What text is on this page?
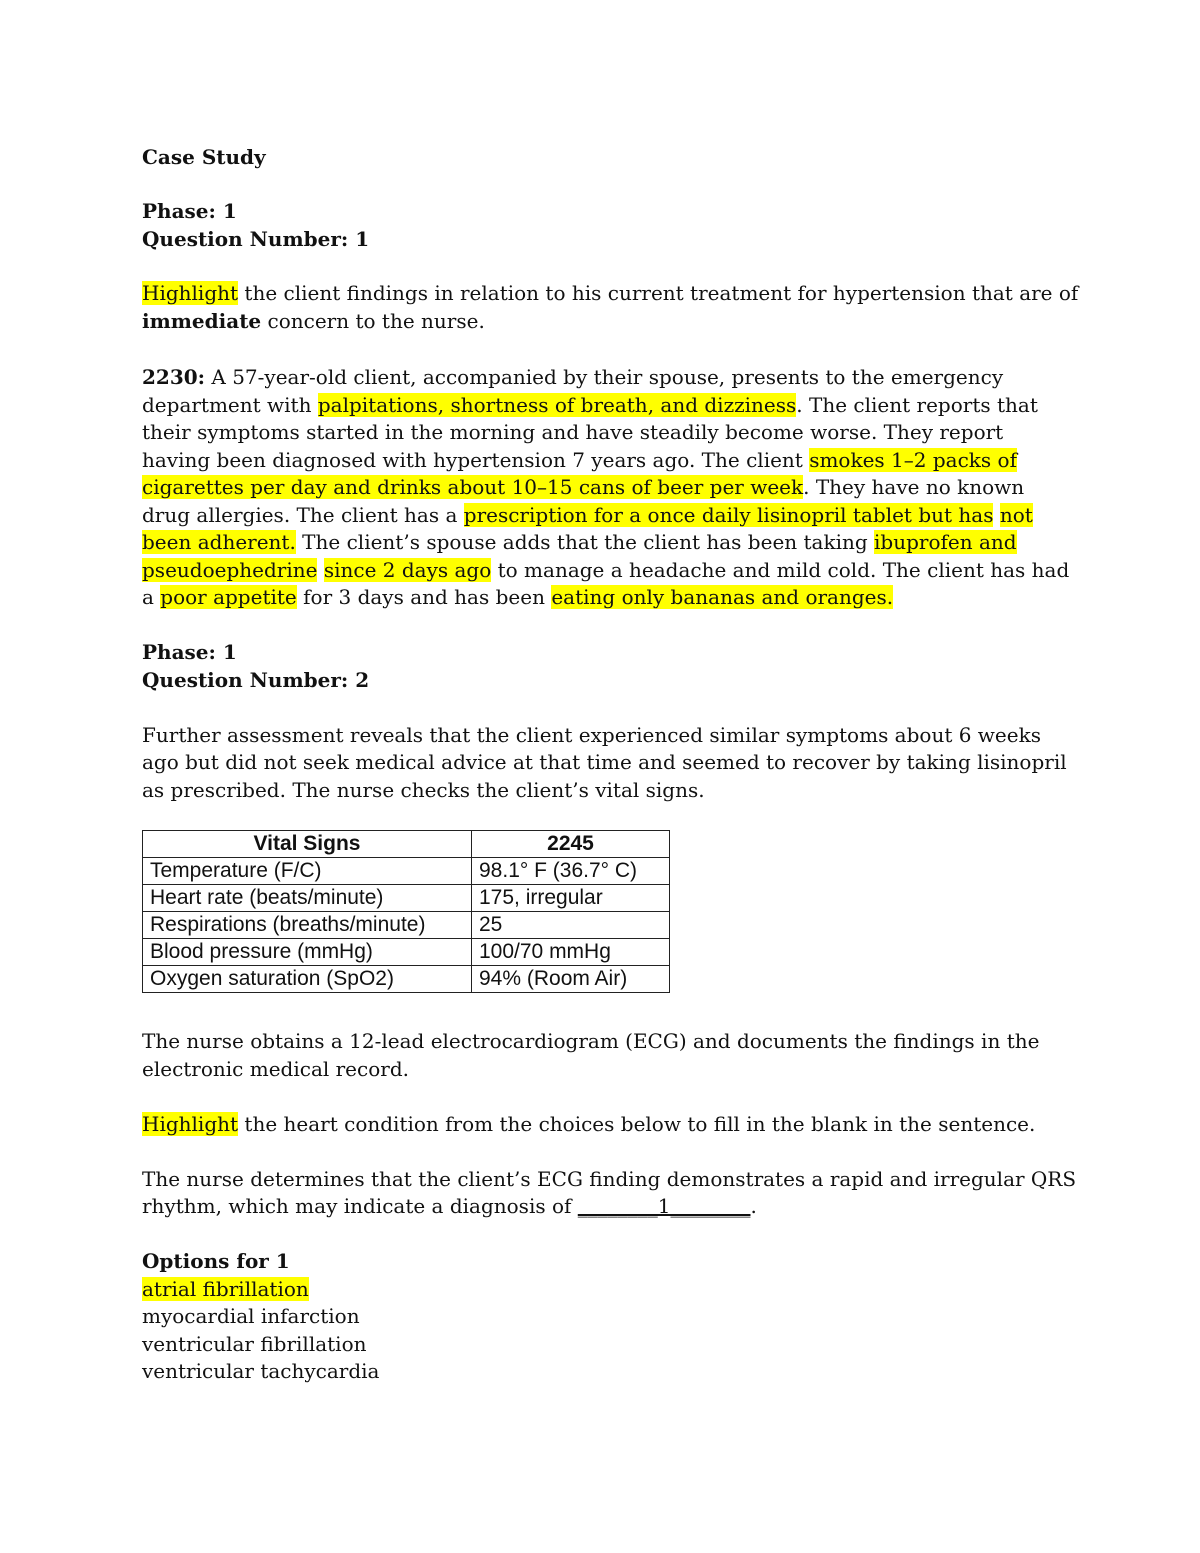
Case Study
Phase: 1
Question Number: 1
Highlight the client findings in relation to his current treatment for hypertension that are of
immediate concern to the nurse.
2230: A 57-year-old client, accompanied by their spouse, presents to the emergency
department with palpitations, shortness of breath, and dizziness. The client reports that
their symptoms started in the morning and have steadily become worse. They report
having been diagnosed with hypertension 7 years ago. The client smokes 1–2 packs of
cigarettes per day and drinks about 10–15 cans of beer per week. They have no known
drug allergies. The client has a prescription for a once daily lisinopril tablet but has not
been adherent. The client’s spouse adds that the client has been taking ibuprofen and
pseudoephedrine since 2 days ago to manage a headache and mild cold. The client has had
a poor appetite for 3 days and has been eating only bananas and oranges.
Phase: 1
Question Number: 2
Further assessment reveals that the client experienced similar symptoms about 6 weeks
ago but did not seek medical advice at that time and seemed to recover by taking lisinopril
as prescribed. The nurse checks the client’s vital signs.
Vital Signs	2245
Temperature (F/C)	98.1° F (36.7° C)
Heart rate (beats/minute)	175, irregular
Respirations (breaths/minute)	25
Blood pressure (mmHg)	100/70 mmHg
Oxygen saturation (SpO2)	94% (Room Air)
The nurse obtains a 12-lead electrocardiogram (ECG) and documents the findings in the
electronic medical record.
Highlight the heart condition from the choices below to fill in the blank in the sentence.
The nurse determines that the client’s ECG finding demonstrates a rapid and irregular QRS
rhythm, which may indicate a diagnosis of ________1________.
Options for 1
atrial fibrillation
myocardial infarction
ventricular fibrillation
ventricular tachycardia
